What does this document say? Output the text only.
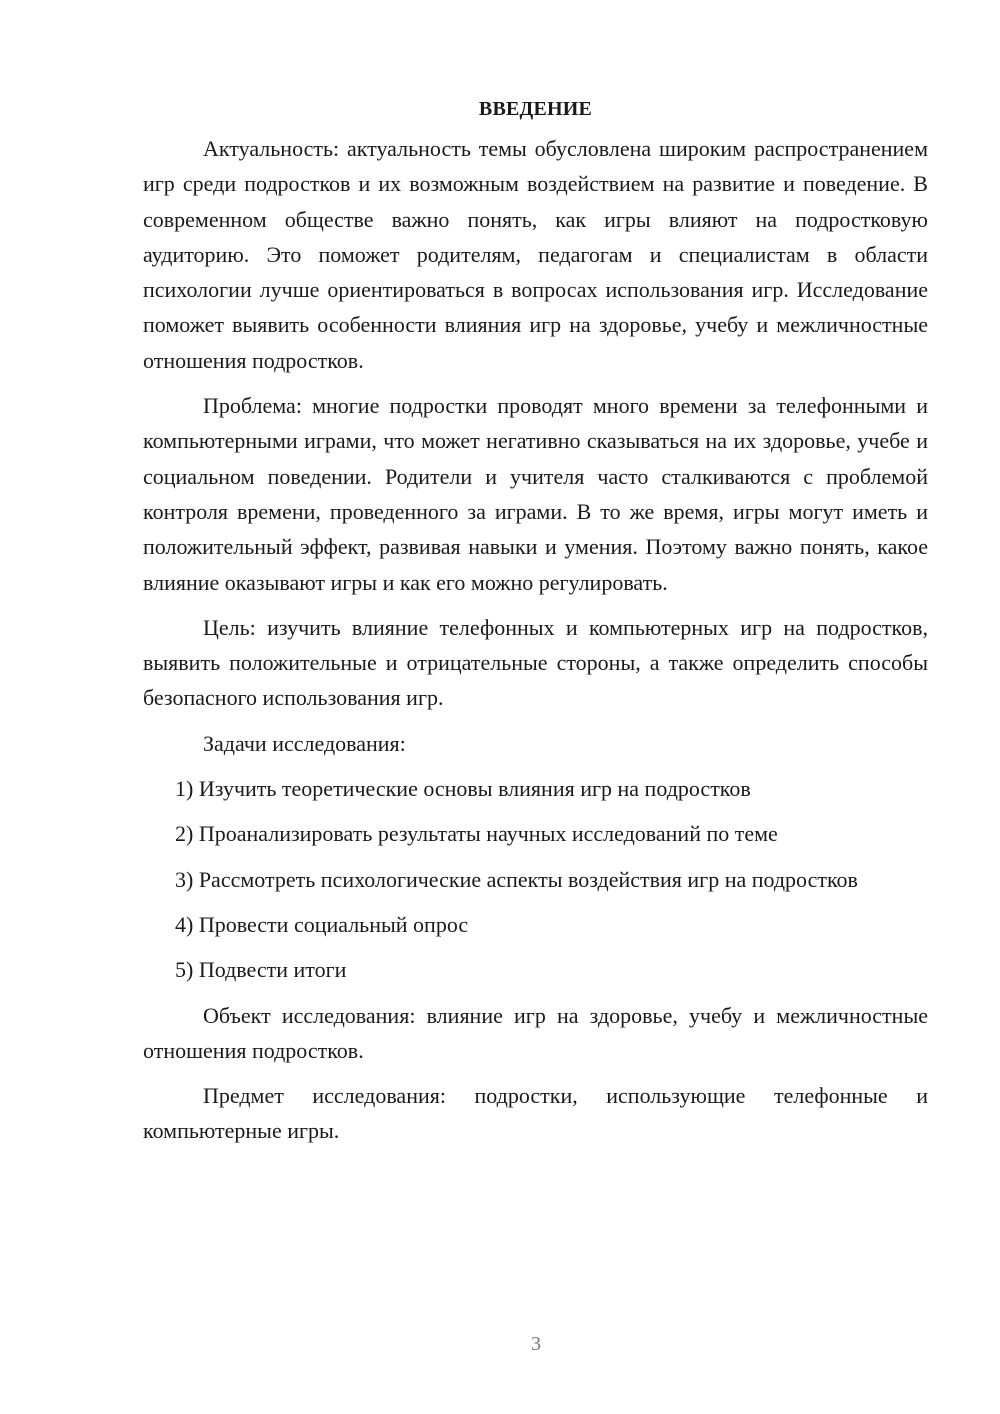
ВВЕДЕНИЕ

Актуальность: актуальность темы обусловлена широким распространением игр среди подростков и их возможным воздействием на развитие и поведение. В современном обществе важно понять, как игры влияют на подростковую аудиторию. Это поможет родителям, педагогам и специалистам в области психологии лучше ориентироваться в вопросах использования игр. Исследование поможет выявить особенности влияния игр на здоровье, учебу и межличностные отношения подростков.

Проблема: многие подростки проводят много времени за телефонными и компьютерными играми, что может негативно сказываться на их здоровье, учебе и социальном поведении. Родители и учителя часто сталкиваются с проблемой контроля времени, проведенного за играми. В то же время, игры могут иметь и положительный эффект, развивая навыки и умения. Поэтому важно понять, какое влияние оказывают игры и как его можно регулировать.

Цель: изучить влияние телефонных и компьютерных игр на подростков, выявить положительные и отрицательные стороны, а также определить способы безопасного использования игр.

Задачи исследования:

1) Изучить теоретические основы влияния игр на подростков

2) Проанализировать результаты научных исследований по теме

3) Рассмотреть психологические аспекты воздействия игр на подростков

4) Провести социальный опрос

5) Подвести итоги

Объект исследования: влияние игр на здоровье, учебу и межличностные отношения подростков.

Предмет исследования: подростки, использующие телефонные и компьютерные игры.

3
